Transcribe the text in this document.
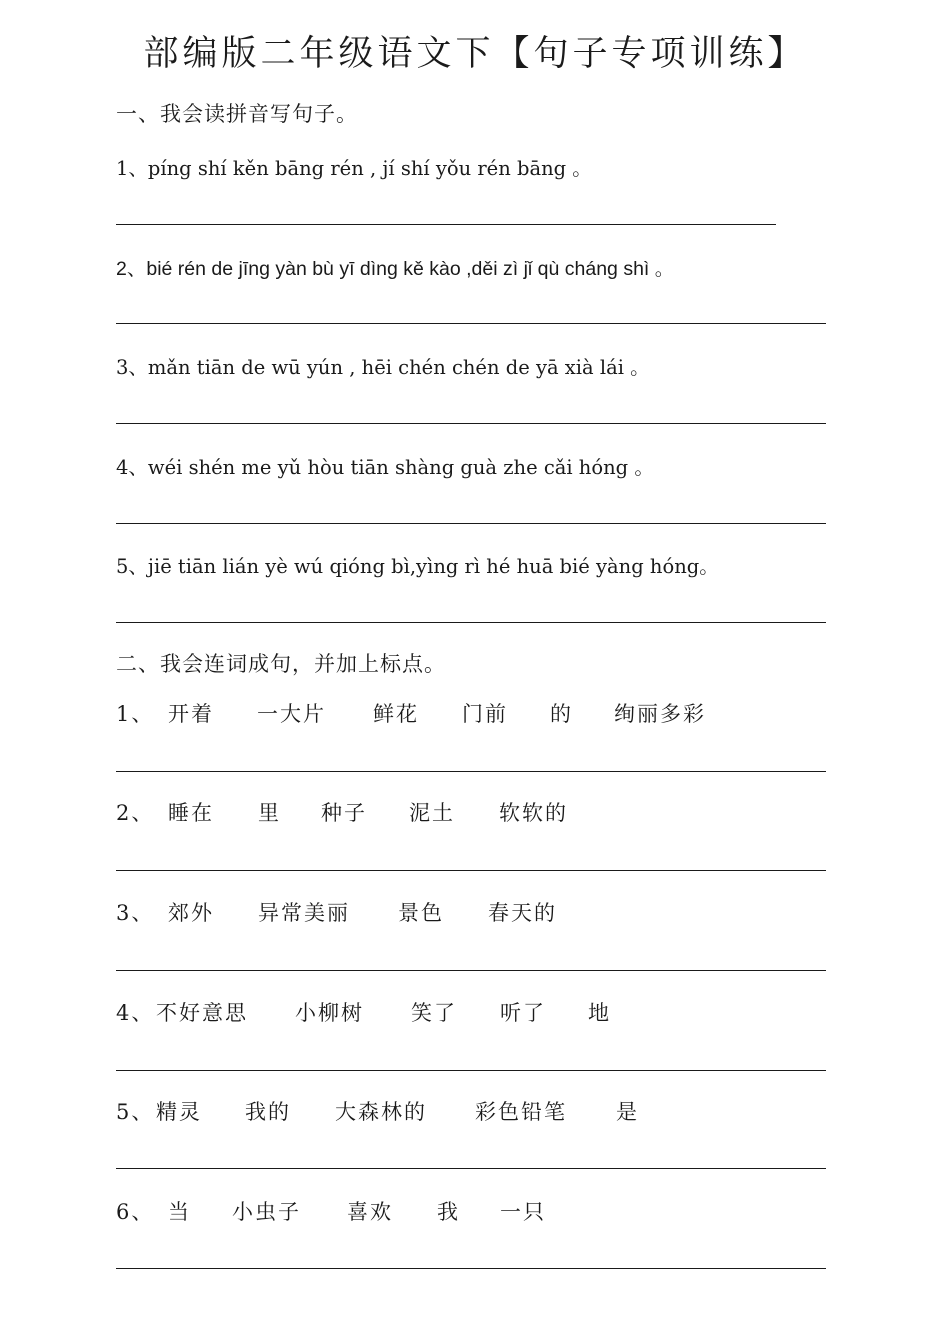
部编版二年级语文下【句子专项训练】
一、我会读拼音写句子。
1、píng shí kěn bāng rén , jí shí yǒu rén bāng 。
2、bié rén de jīng yàn bù yī dìng kě kào ,děi zì jǐ qù cháng shì 。
3、mǎn tiān de wū yún , hēi chén chén de yā xià lái 。
4、wéi shén me yǔ hòu tiān shàng guà zhe cǎi hóng 。
5、jiē tiān lián yè wú qióng bì,yìng rì hé huā bié yàng hóng。
二、我会连词成句，并加上标点。
1、 开着	一大片	鲜花	门前	的	绚丽多彩
2、 睡在	里	种子	泥土	软软的
3、 郊外	异常美丽	景色	春天的
4、 不好意思	小柳树	笑了	听了	地
5、 精灵	我的	大森林的	彩色铅笔	是
6、 当	小虫子	喜欢	我	一只
